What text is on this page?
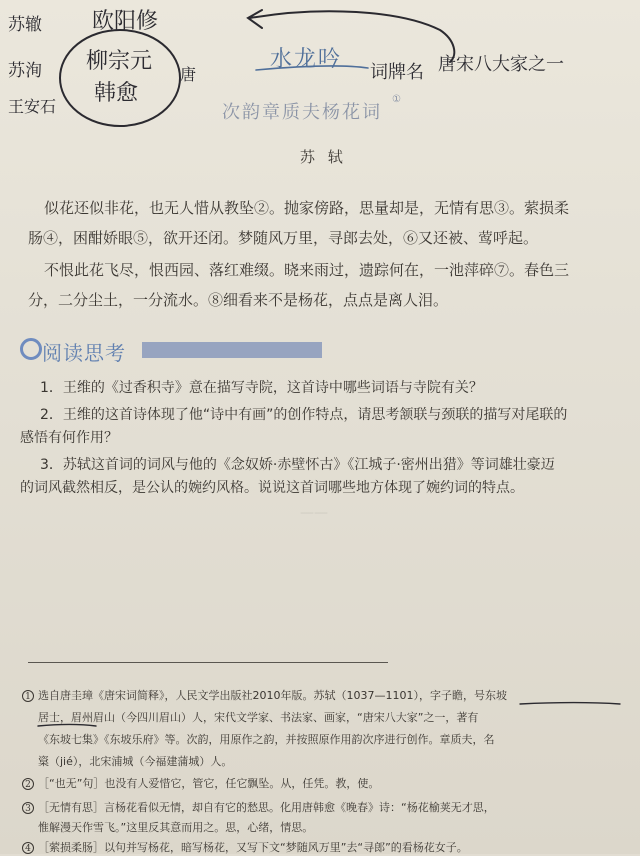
——
苏辙
苏洵
王安石
欧阳修
柳宗元
韩愈
唐	词牌名 唐宋八大家之一
水龙吟
次韵章质夫杨花词
①
苏 轼
似花还似非花，也无人惜从教坠②。抛家傍路，思量却是，无情有思③。萦损柔
肠④，困酣娇眼⑤，欲开还闭。梦随风万里，寻郎去处，⑥又还被、莺呼起。
不恨此花飞尽，恨西园、落红难缀。晓来雨过，遗踪何在，一池萍碎⑦。春色三
分，二分尘土，一分流水。⑧细看来不是杨花，点点是离人泪。
阅读思考
1．王维的《过香积寺》意在描写寺院，这首诗中哪些词语与寺院有关？
2．王维的这首诗体现了他“诗中有画”的创作特点，请思考颔联与颈联的描写对尾联的
感悟有何作用？
3．苏轼这首词的词风与他的《念奴娇·赤壁怀古》《江城子·密州出猎》等词雄壮豪迈
的词风截然相反，是公认的婉约风格。说说这首词哪些地方体现了婉约词的特点。
1 选自唐圭璋《唐宋词简释》，人民文学出版社2010年版。苏轼（1037—1101），字子瞻，号东坡
居士，眉州眉山（今四川眉山）人，宋代文学家、书法家、画家，“唐宋八大家”之一，著有
《东坡七集》《东坡乐府》等。次韵，用原作之韵，并按照原作用韵次序进行创作。章质夫，名
楶（jié），北宋浦城（今福建蒲城）人。
2 ［“也无”句］也没有人爱惜它，管它，任它飘坠。从，任凭。教，使。
3 ［无情有思］言杨花看似无情，却自有它的愁思。化用唐韩愈《晚春》诗：“杨花榆荚无才思，
惟解漫天作雪飞。”这里反其意而用之。思，心绪，情思。
4 ［萦损柔肠］以句并写杨花，暗写杨花，又写下文“梦随风万里”去“寻郎”的看杨花女子。
